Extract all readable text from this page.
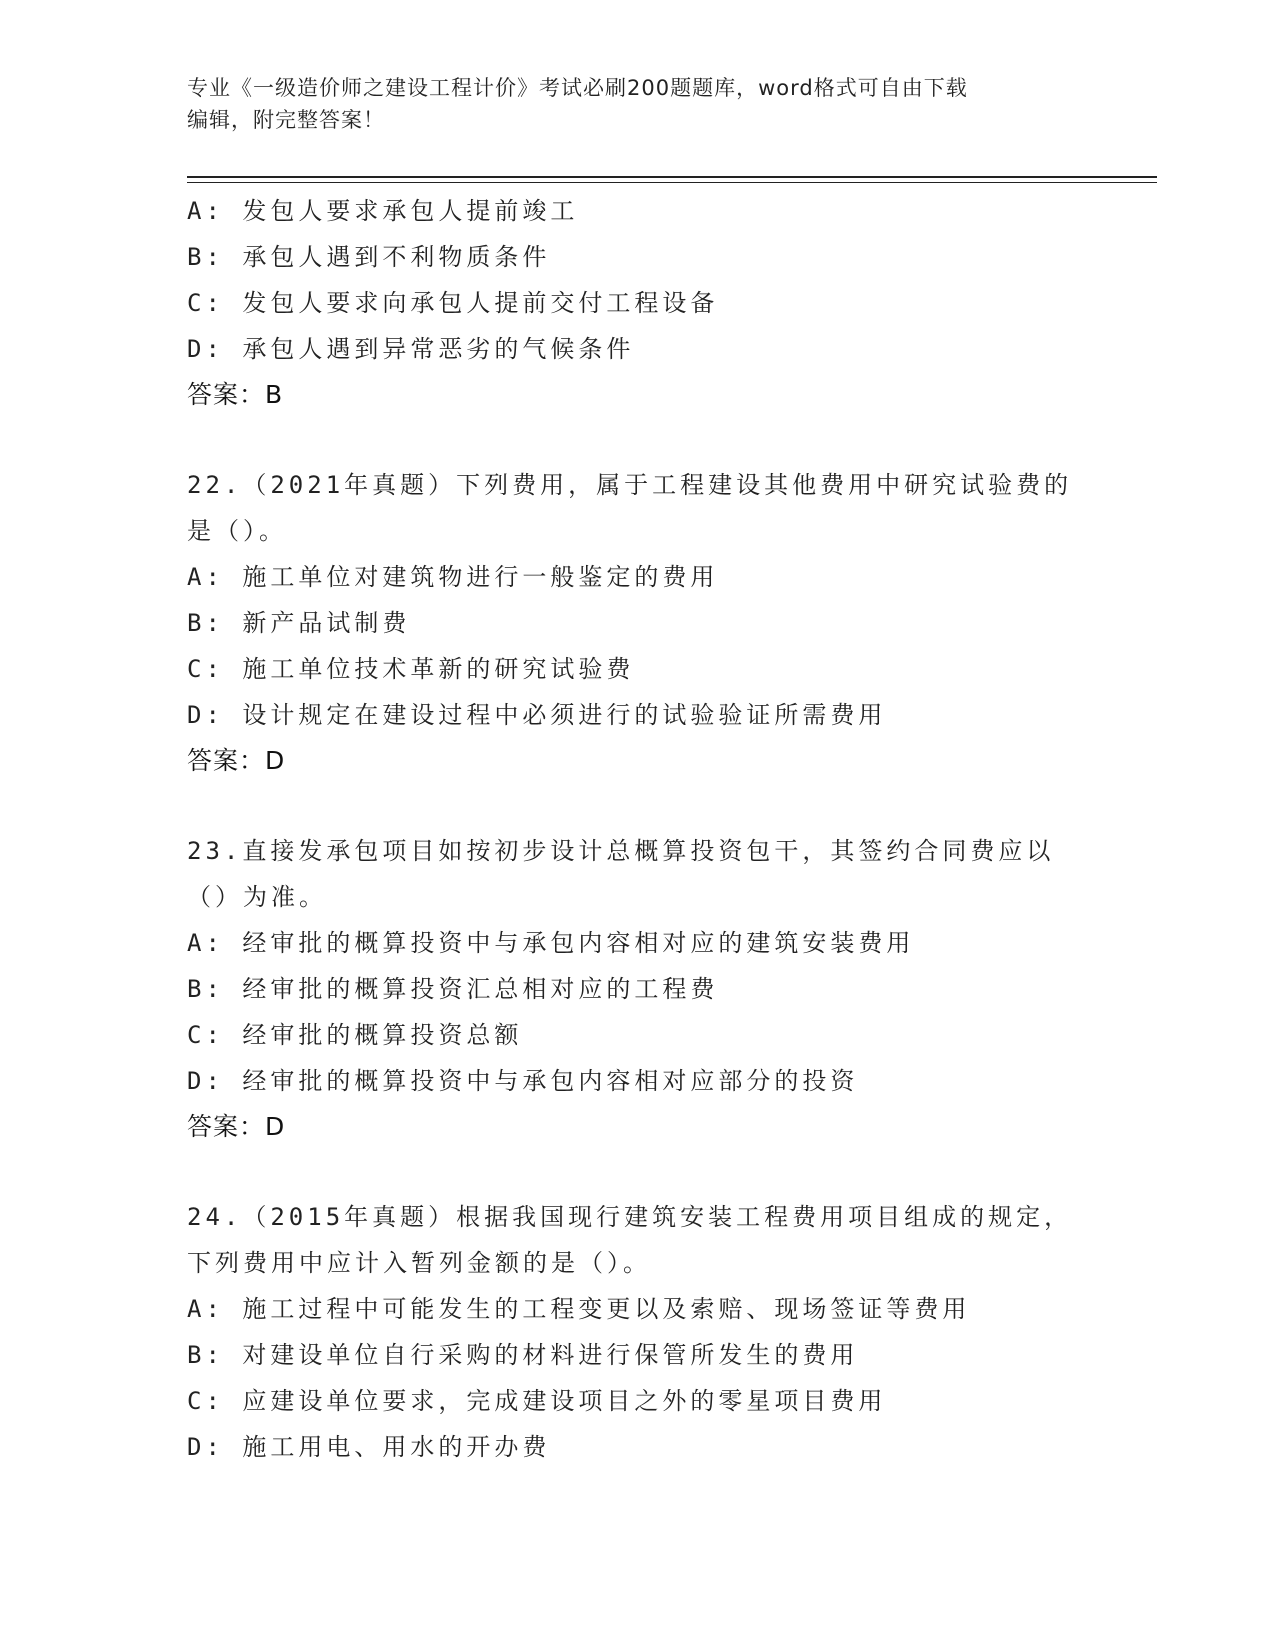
专业《一级造价师之建设工程计价》考试必刷200题题库，word格式可自由下载
编辑，附完整答案！
A: 发包人要求承包人提前竣工
B: 承包人遇到不利物质条件
C: 发包人要求向承包人提前交付工程设备
D: 承包人遇到异常恶劣的气候条件
答案：B
22.（2021年真题）下列费用，属于工程建设其他费用中研究试验费的
是（）。
A: 施工单位对建筑物进行一般鉴定的费用
B: 新产品试制费
C: 施工单位技术革新的研究试验费
D: 设计规定在建设过程中必须进行的试验验证所需费用
答案：D
23.直接发承包项目如按初步设计总概算投资包干，其签约合同费应以
（）为准。
A: 经审批的概算投资中与承包内容相对应的建筑安装费用
B: 经审批的概算投资汇总相对应的工程费
C: 经审批的概算投资总额
D: 经审批的概算投资中与承包内容相对应部分的投资
答案：D
24.（2015年真题）根据我国现行建筑安装工程费用项目组成的规定，
下列费用中应计入暂列金额的是（）。
A: 施工过程中可能发生的工程变更以及索赔、现场签证等费用
B: 对建设单位自行采购的材料进行保管所发生的费用
C: 应建设单位要求，完成建设项目之外的零星项目费用
D: 施工用电、用水的开办费
